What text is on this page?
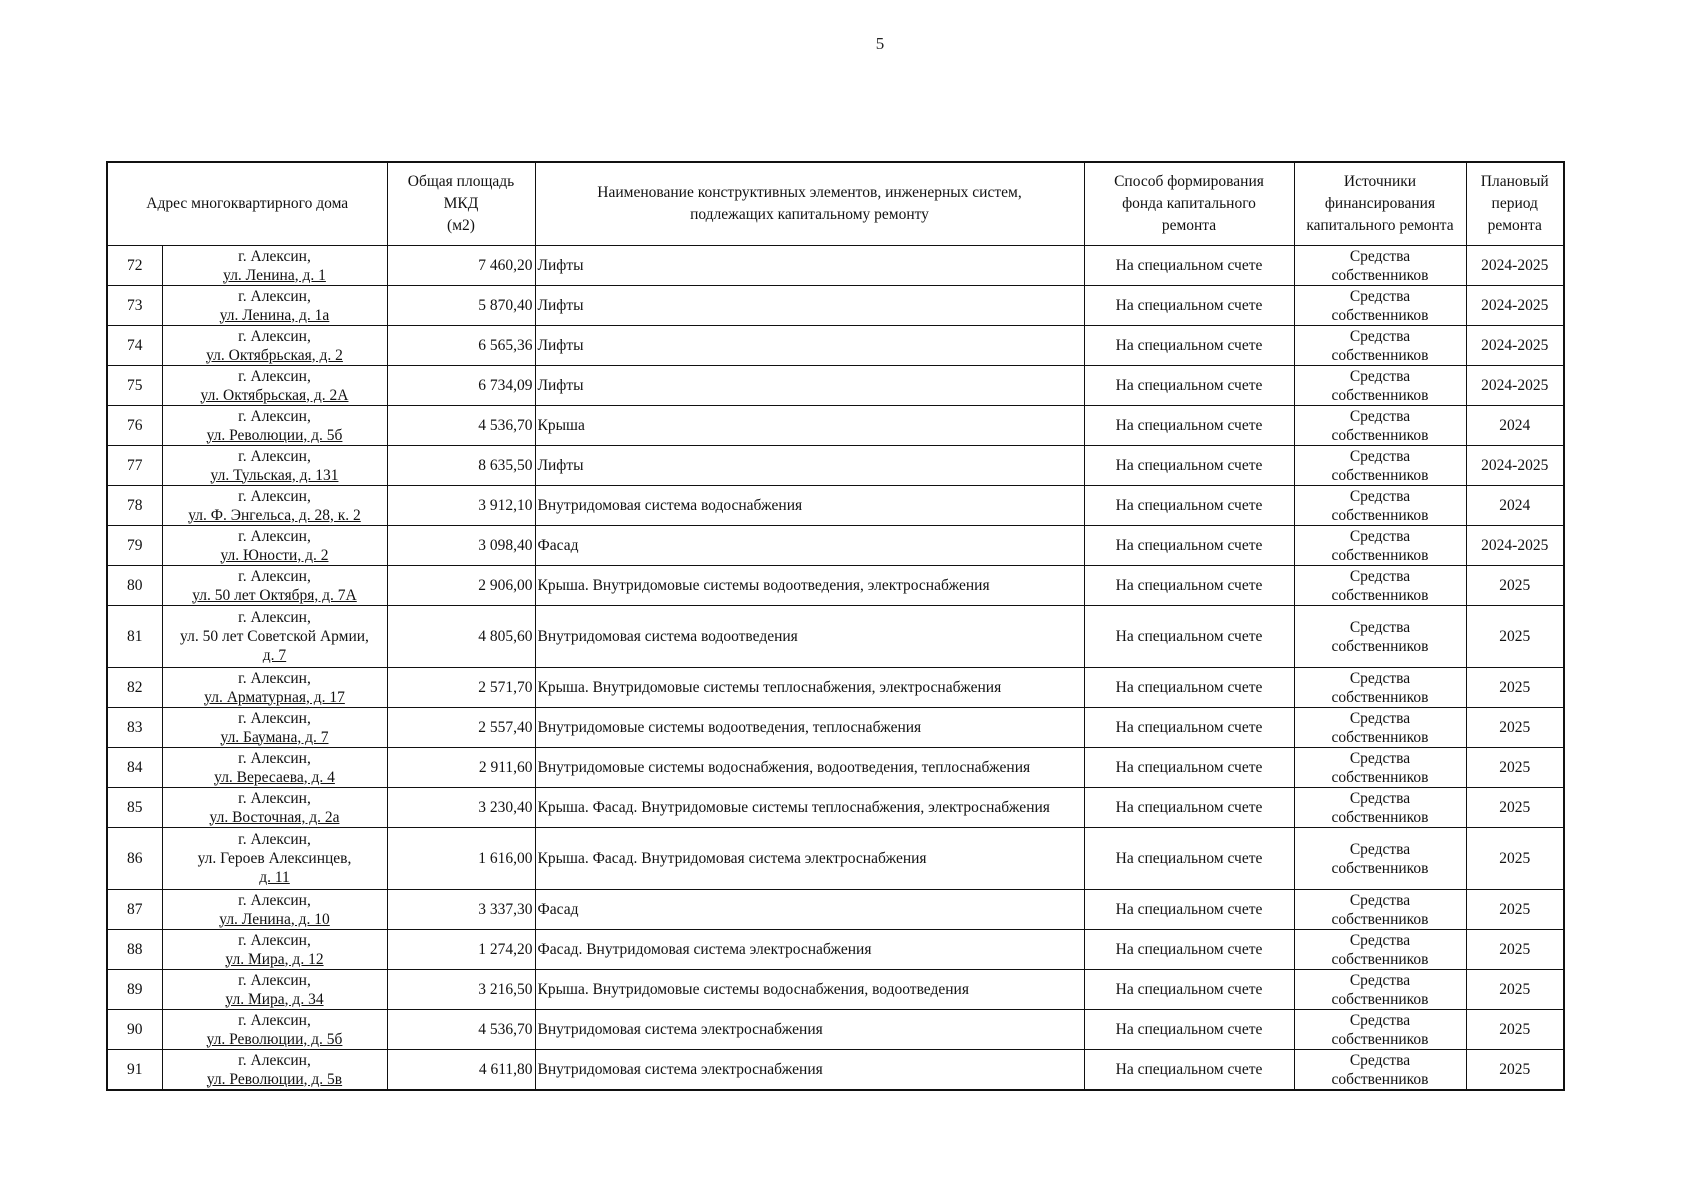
5
Адрес многоквартирного дома		Общая площадь
МКД
(м2)	Наименование конструктивных элементов, инженерных систем,
подлежащих капитальному ремонту	Способ формирования
фонда капитального
ремонта	Источники
финансирования
капитального ремонта	Плановый
период
ремонта

72	г. Алексин,
ул. Ленина, д. 1	7 460,20	Лифты	На специальном счете	Средства
собственников	2024-2025
73	г. Алексин,
ул. Ленина, д. 1а	5 870,40	Лифты	На специальном счете	Средства
собственников	2024-2025
74	г. Алексин,
ул. Октябрьская, д. 2	6 565,36	Лифты	На специальном счете	Средства
собственников	2024-2025
75	г. Алексин,
ул. Октябрьская, д. 2А	6 734,09	Лифты	На специальном счете	Средства
собственников	2024-2025
76	г. Алексин,
ул. Революции, д. 5б	4 536,70	Крыша	На специальном счете	Средства
собственников	2024
77	г. Алексин,
ул. Тульская, д. 131	8 635,50	Лифты	На специальном счете	Средства
собственников	2024-2025
78	г. Алексин,
ул. Ф. Энгельса, д. 28, к. 2	3 912,10	Внутридомовая система водоснабжения	На специальном счете	Средства
собственников	2024
79	г. Алексин,
ул. Юности, д. 2	3 098,40	Фасад	На специальном счете	Средства
собственников	2024-2025
80	г. Алексин,
ул. 50 лет Октября, д. 7А	2 906,00	Крыша. Внутридомовые системы водоотведения, электроснабжения	На специальном счете	Средства
собственников	2025
81	г. Алексин,
ул. 50 лет Советской Армии,
д. 7	4 805,60	Внутридомовая система водоотведения	На специальном счете	Средства
собственников	2025
82	г. Алексин,
ул. Арматурная, д. 17	2 571,70	Крыша. Внутридомовые системы теплоснабжения, электроснабжения	На специальном счете	Средства
собственников	2025
83	г. Алексин,
ул. Баумана, д. 7	2 557,40	Внутридомовые системы водоотведения, теплоснабжения	На специальном счете	Средства
собственников	2025
84	г. Алексин,
ул. Вересаева, д. 4	2 911,60	Внутридомовые системы водоснабжения, водоотведения, теплоснабжения	На специальном счете	Средства
собственников	2025
85	г. Алексин,
ул. Восточная, д. 2а	3 230,40	Крыша. Фасад. Внутридомовые системы теплоснабжения, электроснабжения	На специальном счете	Средства
собственников	2025
86	г. Алексин,
ул. Героев Алексинцев,
д. 11	1 616,00	Крыша. Фасад. Внутридомовая система электроснабжения	На специальном счете	Средства
собственников	2025
87	г. Алексин,
ул. Ленина, д. 10	3 337,30	Фасад	На специальном счете	Средства
собственников	2025
88	г. Алексин,
ул. Мира, д. 12	1 274,20	Фасад. Внутридомовая система электроснабжения	На специальном счете	Средства
собственников	2025
89	г. Алексин,
ул. Мира, д. 34	3 216,50	Крыша. Внутридомовые системы водоснабжения, водоотведения	На специальном счете	Средства
собственников	2025
90	г. Алексин,
ул. Революции, д. 5б	4 536,70	Внутридомовая система электроснабжения	На специальном счете	Средства
собственников	2025
91	г. Алексин,
ул. Революции, д. 5в	4 611,80	Внутридомовая система электроснабжения	На специальном счете	Средства
собственников	2025
